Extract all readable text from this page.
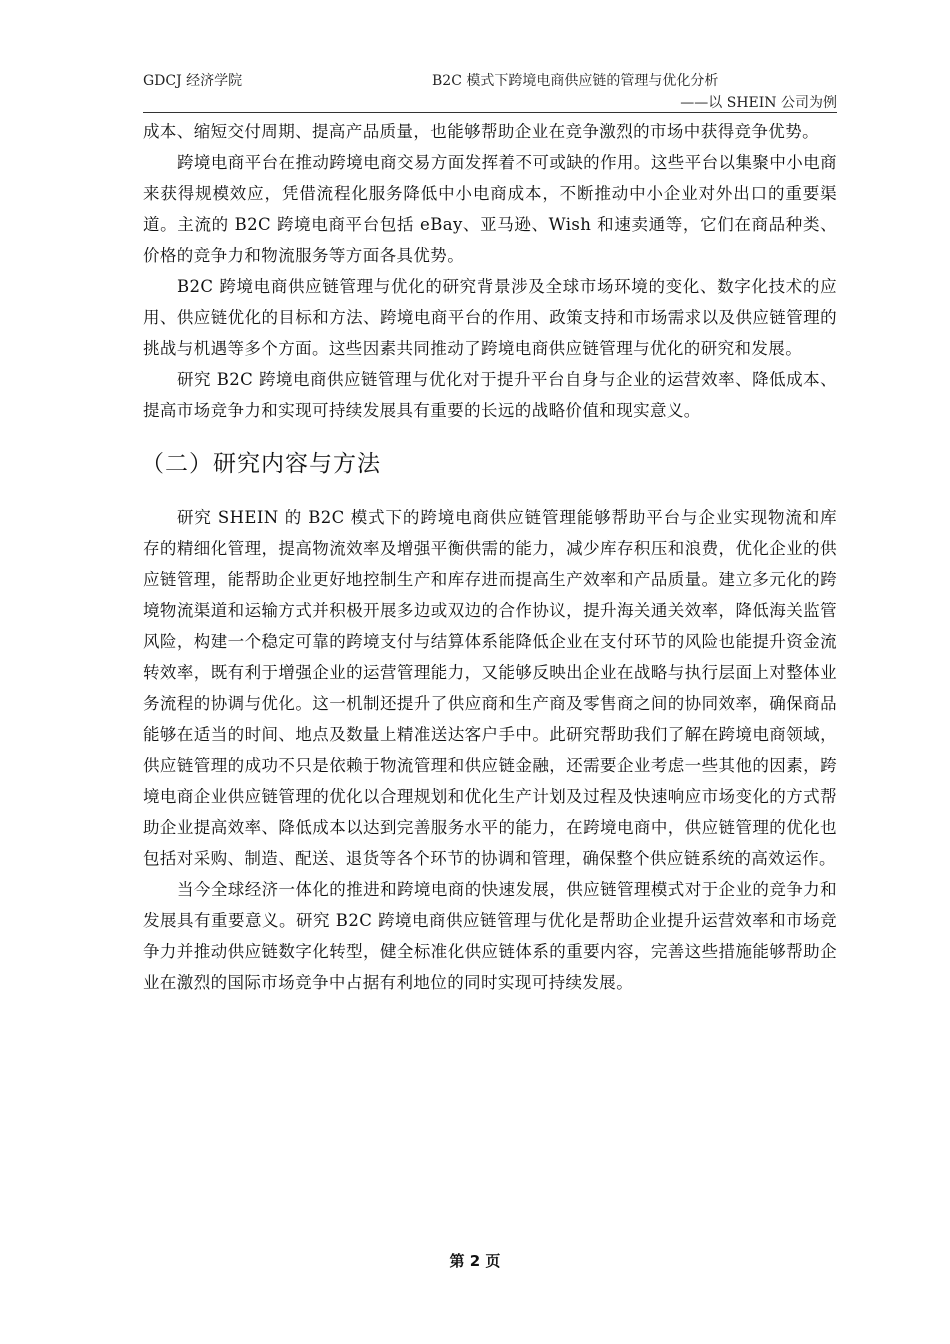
GDCJ 经济学院	B2C 模式下跨境电商供应链的管理与优化分析
——以 SHEIN 公司为例

成本、缩短交付周期、提高产品质量，也能够帮助企业在竞争激烈的市场中获得竞争优势。

跨境电商平台在推动跨境电商交易方面发挥着不可或缺的作用。这些平台以集聚中小电商来获得规模效应，凭借流程化服务降低中小电商成本，不断推动中小企业对外出口的重要渠道。主流的 B2C 跨境电商平台包括 eBay、亚马逊、Wish 和速卖通等，它们在商品种类、价格的竞争力和物流服务等方面各具优势。

B2C 跨境电商供应链管理与优化的研究背景涉及全球市场环境的变化、数字化技术的应用、供应链优化的目标和方法、跨境电商平台的作用、政策支持和市场需求以及供应链管理的挑战与机遇等多个方面。这些因素共同推动了跨境电商供应链管理与优化的研究和发展。

研究 B2C 跨境电商供应链管理与优化对于提升平台自身与企业的运营效率、降低成本、提高市场竞争力和实现可持续发展具有重要的长远的战略价值和现实意义。

（二）研究内容与方法

研究 SHEIN 的 B2C 模式下的跨境电商供应链管理能够帮助平台与企业实现物流和库存的精细化管理，提高物流效率及增强平衡供需的能力，减少库存积压和浪费，优化企业的供应链管理，能帮助企业更好地控制生产和库存进而提高生产效率和产品质量。建立多元化的跨境物流渠道和运输方式并积极开展多边或双边的合作协议，提升海关通关效率，降低海关监管风险，构建一个稳定可靠的跨境支付与结算体系能降低企业在支付环节的风险也能提升资金流转效率，既有利于增强企业的运营管理能力，又能够反映出企业在战略与执行层面上对整体业务流程的协调与优化。这一机制还提升了供应商和生产商及零售商之间的协同效率，确保商品能够在适当的时间、地点及数量上精准送达客户手中。此研究帮助我们了解在跨境电商领域，供应链管理的成功不只是依赖于物流管理和供应链金融，还需要企业考虑一些其他的因素，跨境电商企业供应链管理的优化以合理规划和优化生产计划及过程及快速响应市场变化的方式帮助企业提高效率、降低成本以达到完善服务水平的能力，在跨境电商中，供应链管理的优化也包括对采购、制造、配送、退货等各个环节的协调和管理，确保整个供应链系统的高效运作。

当今全球经济一体化的推进和跨境电商的快速发展，供应链管理模式对于企业的竞争力和发展具有重要意义。研究 B2C 跨境电商供应链管理与优化是帮助企业提升运营效率和市场竞争力并推动供应链数字化转型，健全标准化供应链体系的重要内容，完善这些措施能够帮助企业在激烈的国际市场竞争中占据有利地位的同时实现可持续发展。

第 2 页
